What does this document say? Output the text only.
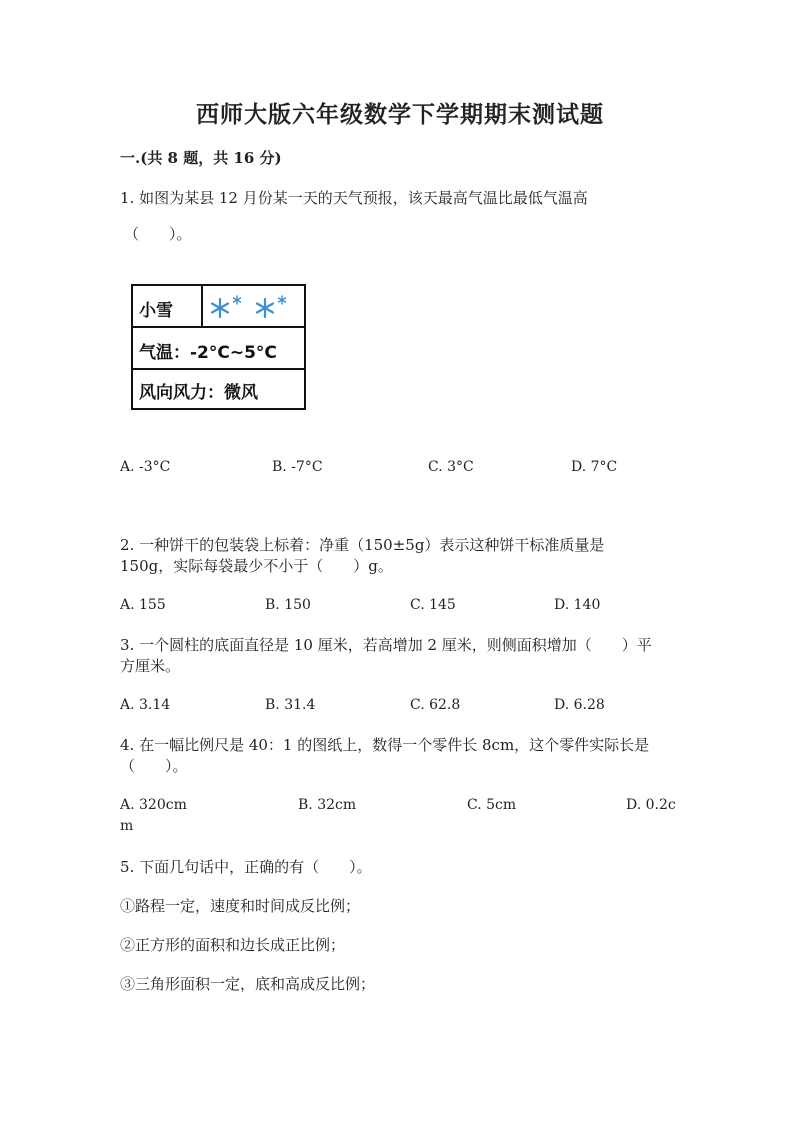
西师大版六年级数学下学期期末测试题
一.(共 8 题，共 16 分)
1. 如图为某县 12 月份某一天的天气预报，该天最高气温比最低气温高
（　　）。
小雪
气温：-2°C~5°C
风向风力：微风
A. -3°C	B. -7°C	C. 3°C	D. 7°C
2. 一种饼干的包装袋上标着：净重（150±5g）表示这种饼干标准质量是
150g，实际每袋最少不小于（　　）g。
A. 155	B. 150	C. 145	D. 140
3. 一个圆柱的底面直径是 10 厘米，若高增加 2 厘米，则侧面积增加（　　）平
方厘米。
A. 3.14	B. 31.4	C. 62.8	D. 6.28
4. 在一幅比例尺是 40：1 的图纸上，数得一个零件长 8cm，这个零件实际长是
（　　）。
A. 320cm	B. 32cm	C. 5cm	D. 0.2c
m
5. 下面几句话中，正确的有（　　）。
①路程一定，速度和时间成反比例；
②正方形的面积和边长成正比例；
③三角形面积一定，底和高成反比例；
